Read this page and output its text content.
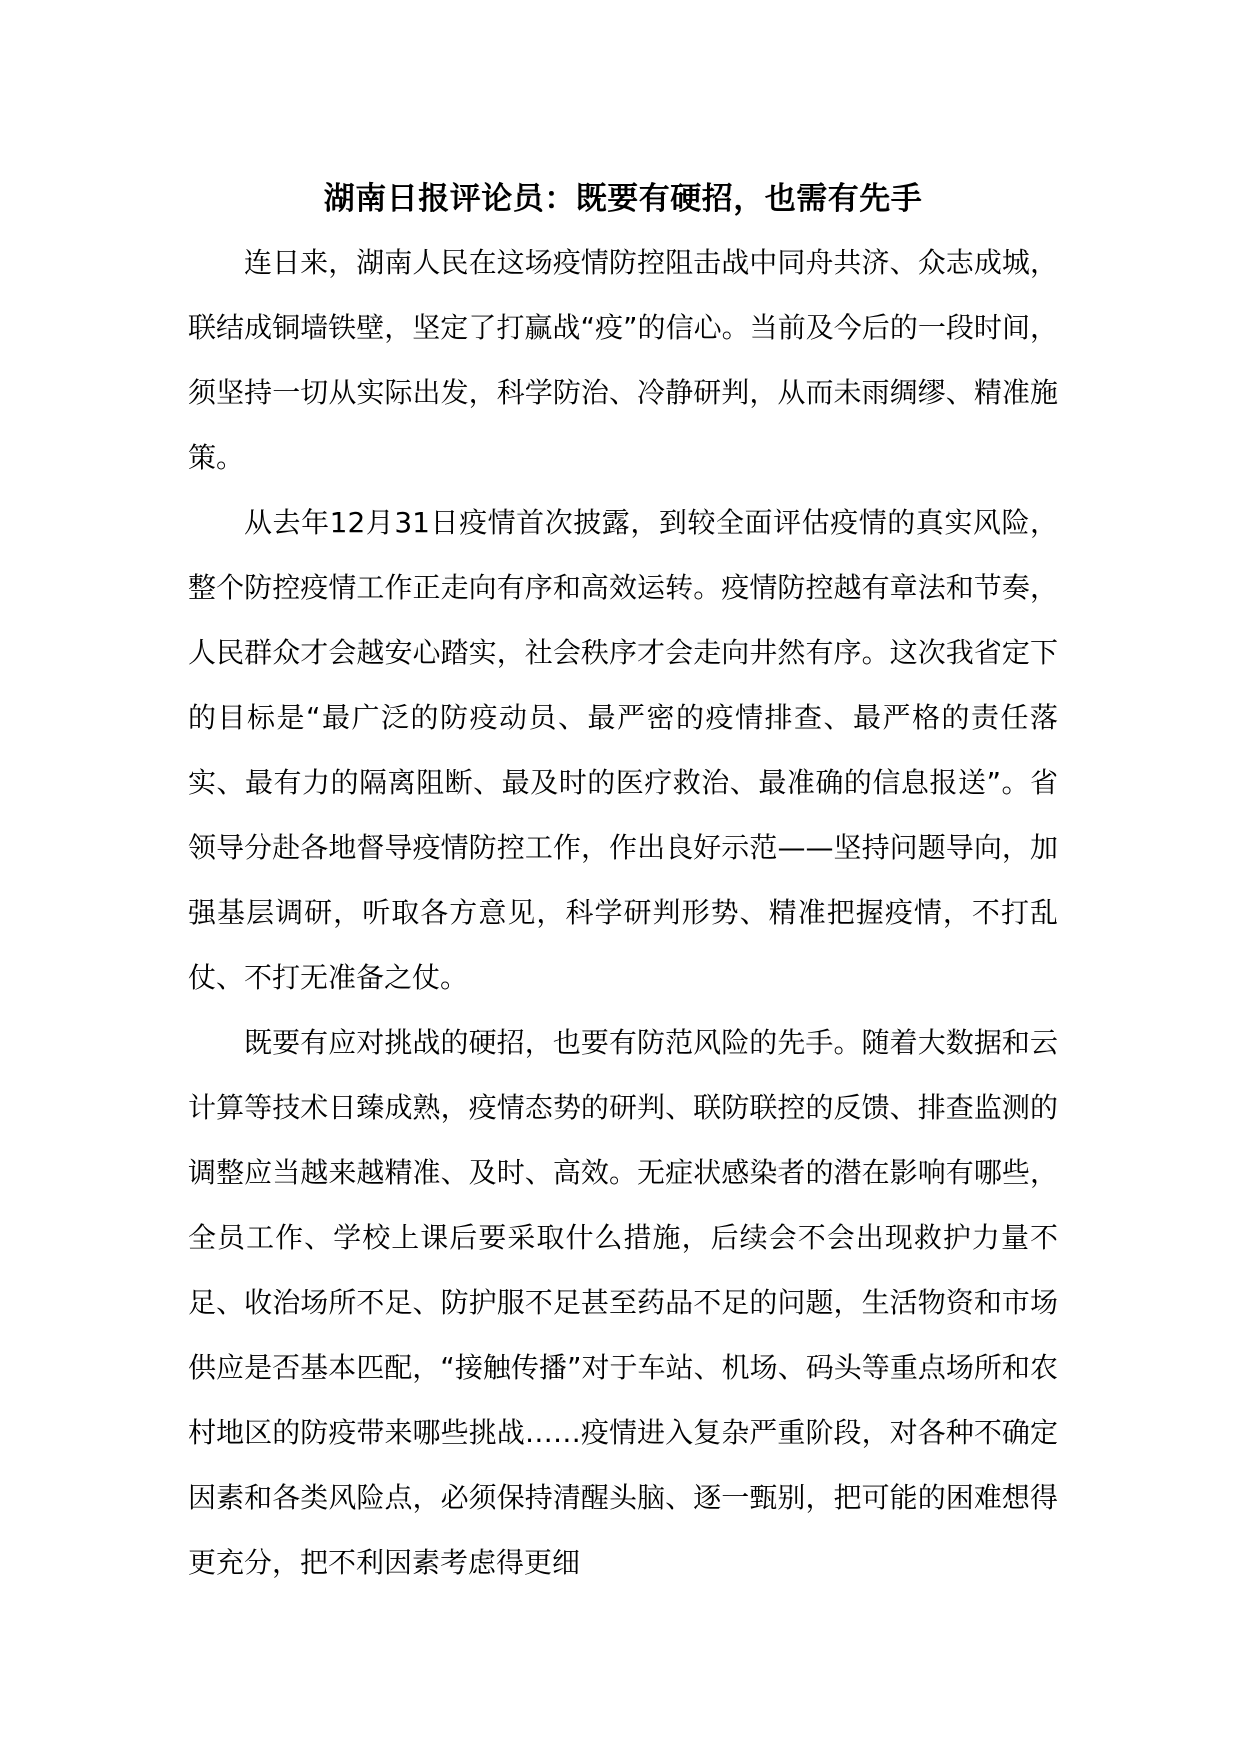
湖南日报评论员：既要有硬招，也需有先手

连日来，湖南人民在这场疫情防控阻击战中同舟共济、众志成城，联结成铜墙铁壁，坚定了打赢战“疫”的信心。当前及今后的一段时间，须坚持一切从实际出发，科学防治、冷静研判，从而未雨绸缪、精准施策。

从去年12月31日疫情首次披露，到较全面评估疫情的真实风险，整个防控疫情工作正走向有序和高效运转。疫情防控越有章法和节奏，人民群众才会越安心踏实，社会秩序才会走向井然有序。这次我省定下的目标是“最广泛的防疫动员、最严密的疫情排查、最严格的责任落实、最有力的隔离阻断、最及时的医疗救治、最准确的信息报送”。省领导分赴各地督导疫情防控工作，作出良好示范——坚持问题导向，加强基层调研，听取各方意见，科学研判形势、精准把握疫情，不打乱仗、不打无准备之仗。

既要有应对挑战的硬招，也要有防范风险的先手。随着大数据和云计算等技术日臻成熟，疫情态势的研判、联防联控的反馈、排查监测的调整应当越来越精准、及时、高效。无症状感染者的潜在影响有哪些，全员工作、学校上课后要采取什么措施，后续会不会出现救护力量不足、收治场所不足、防护服不足甚至药品不足的问题，生活物资和市场供应是否基本匹配，“接触传播”对于车站、机场、码头等重点场所和农村地区的防疫带来哪些挑战……疫情进入复杂严重阶段，对各种不确定因素和各类风险点，必须保持清醒头脑、逐一甄别，把可能的困难想得更充分，把不利因素考虑得更细
